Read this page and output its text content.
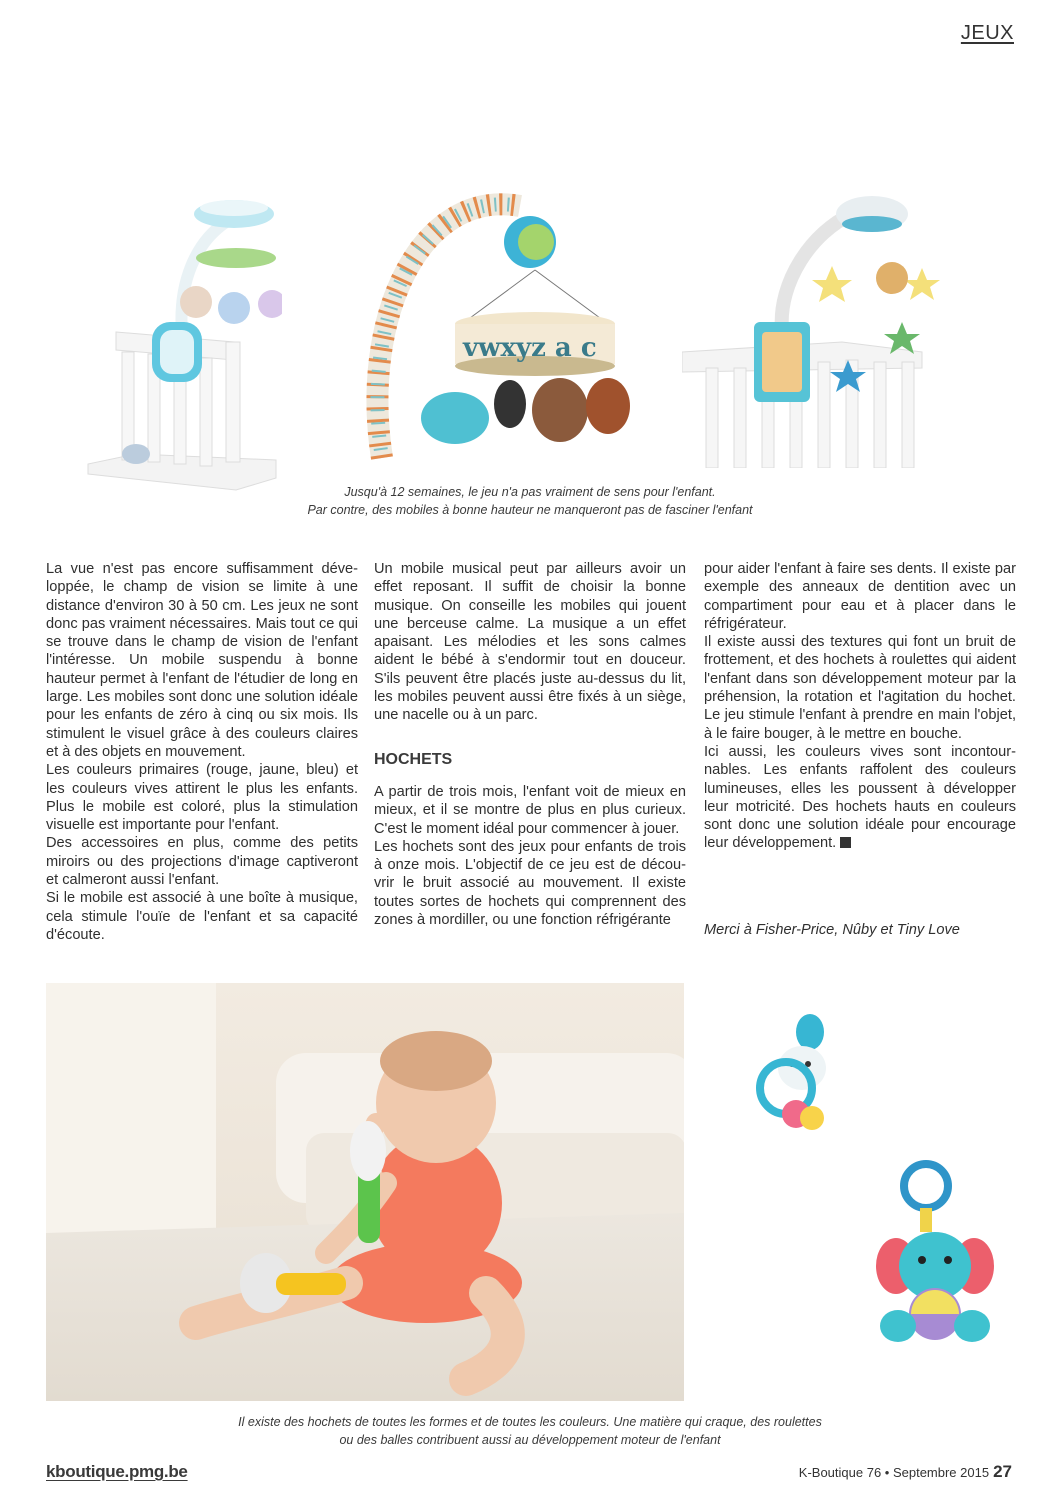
JEUX
vwxyz a c
Jusqu'à 12 semaines, le jeu n'a pas vraiment de sens pour l'enfant.
Par contre, des mobiles à bonne hauteur ne manqueront pas de fasciner l'enfant

La vue n'est pas encore suffisamment développée, le champ de vision se limite à une distance d'environ 30 à 50 cm. Les jeux ne sont donc pas vraiment nécessaires. Mais tout ce qui se trouve dans le champ de vision de l'enfant l'intéresse. Un mobile suspendu à bonne hauteur permet à l'enfant de l'étudier de long en large. Les mobiles sont donc une solution idéale pour les enfants de zéro à cinq ou six mois. Ils stimulent le visuel grâce à des couleurs claires et à des objets en mouvement.

Les couleurs primaires (rouge, jaune, bleu) et les couleurs vives attirent le plus les enfants. Plus le mobile est coloré, plus la stimulation visuelle est importante pour l'enfant.

Des accessoires en plus, comme des petits miroirs ou des projections d'image captiveront et calmeront aussi l'enfant.

Si le mobile est associé à une boîte à musique, cela stimule l'ouïe de l'enfant et sa capacité d'écoute.

Un mobile musical peut par ailleurs avoir un effet reposant. Il suffit de choisir la bonne musique. On conseille les mobiles qui jouent une berceuse calme. La musique a un effet apaisant. Les mélodies et les sons calmes aident le bébé à s'endormir tout en douceur. S'ils peuvent être placés juste au-dessus du lit, les mobiles peuvent aussi être fixés à un siège, une nacelle ou à un parc.

HOCHETS

A partir de trois mois, l'enfant voit de mieux en mieux, et il se montre de plus en plus curieux. C'est le moment idéal pour commencer à jouer.

Les hochets sont des jeux pour enfants de trois à onze mois. L'objectif de ce jeu est de découvrir le bruit associé au mouvement. Il existe toutes sortes de hochets qui comprennent des zones à mordiller, ou une fonction réfrigérante

pour aider l'enfant à faire ses dents. Il existe par exemple des anneaux de dentition avec un compartiment pour eau et à placer dans le réfrigérateur.

Il existe aussi des textures qui font un bruit de frottement, et des hochets à roulettes qui aident l'enfant dans son développement moteur par la préhension, la rotation et l'agitation du hochet. Le jeu stimule l'enfant à prendre en main l'objet, à le faire bouger, à le mettre en bouche.

Ici aussi, les couleurs vives sont incontournables. Les enfants raffolent des couleurs lumineuses, elles les poussent à développer leur motricité. Des hochets hauts en couleurs sont donc une solution idéale pour encourage leur développement.

Merci à Fisher-Price, Nûby et Tiny Love
Il existe des hochets de toutes les formes et de toutes les couleurs. Une matière qui craque, des roulettes
ou des balles contribuent aussi au développement moteur de l'enfant
kboutique.pmg.be	K-Boutique 76 • Septembre 2015 27
